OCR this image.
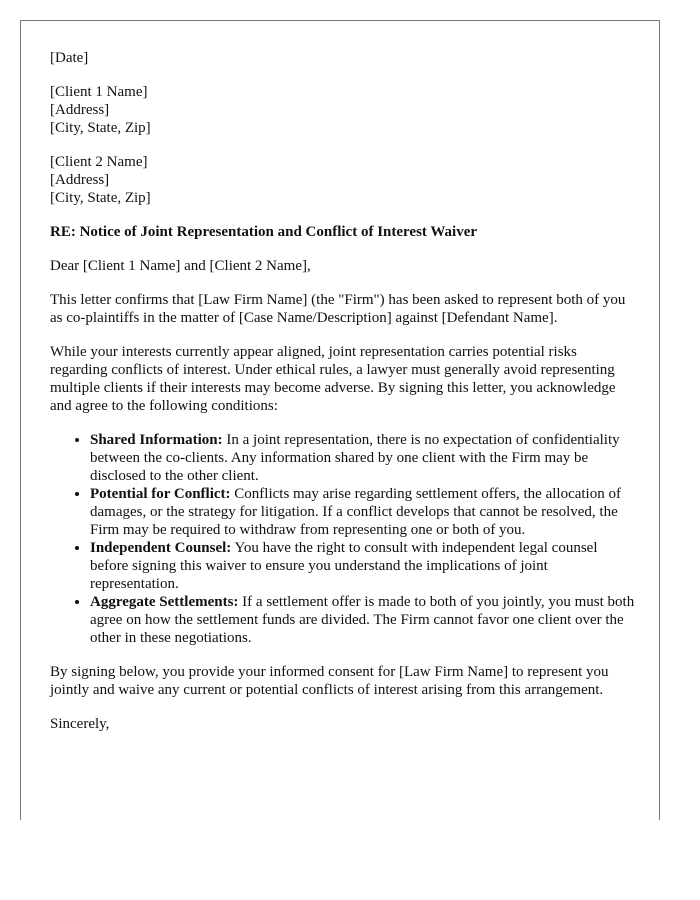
[Date]

[Client 1 Name]
[Address]
[City, State, Zip]

[Client 2 Name]
[Address]
[City, State, Zip]

RE: Notice of Joint Representation and Conflict of Interest Waiver

Dear [Client 1 Name] and [Client 2 Name],

This letter confirms that [Law Firm Name] (the "Firm") has been asked to represent both of you as co-plaintiffs in the matter of [Case Name/Description] against [Defendant Name].

While your interests currently appear aligned, joint representation carries potential risks regarding conflicts of interest. Under ethical rules, a lawyer must generally avoid representing multiple clients if their interests may become adverse. By signing this letter, you acknowledge and agree to the following conditions:

• Shared Information: In a joint representation, there is no expectation of confidentiality between the co-clients. Any information shared by one client with the Firm may be disclosed to the other client.
• Potential for Conflict: Conflicts may arise regarding settlement offers, the allocation of damages, or the strategy for litigation. If a conflict develops that cannot be resolved, the Firm may be required to withdraw from representing one or both of you.
• Independent Counsel: You have the right to consult with independent legal counsel before signing this waiver to ensure you understand the implications of joint representation.
• Aggregate Settlements: If a settlement offer is made to both of you jointly, you must both agree on how the settlement funds are divided. The Firm cannot favor one client over the other in these negotiations.

By signing below, you provide your informed consent for [Law Firm Name] to represent you jointly and waive any current or potential conflicts of interest arising from this arrangement.

Sincerely,
